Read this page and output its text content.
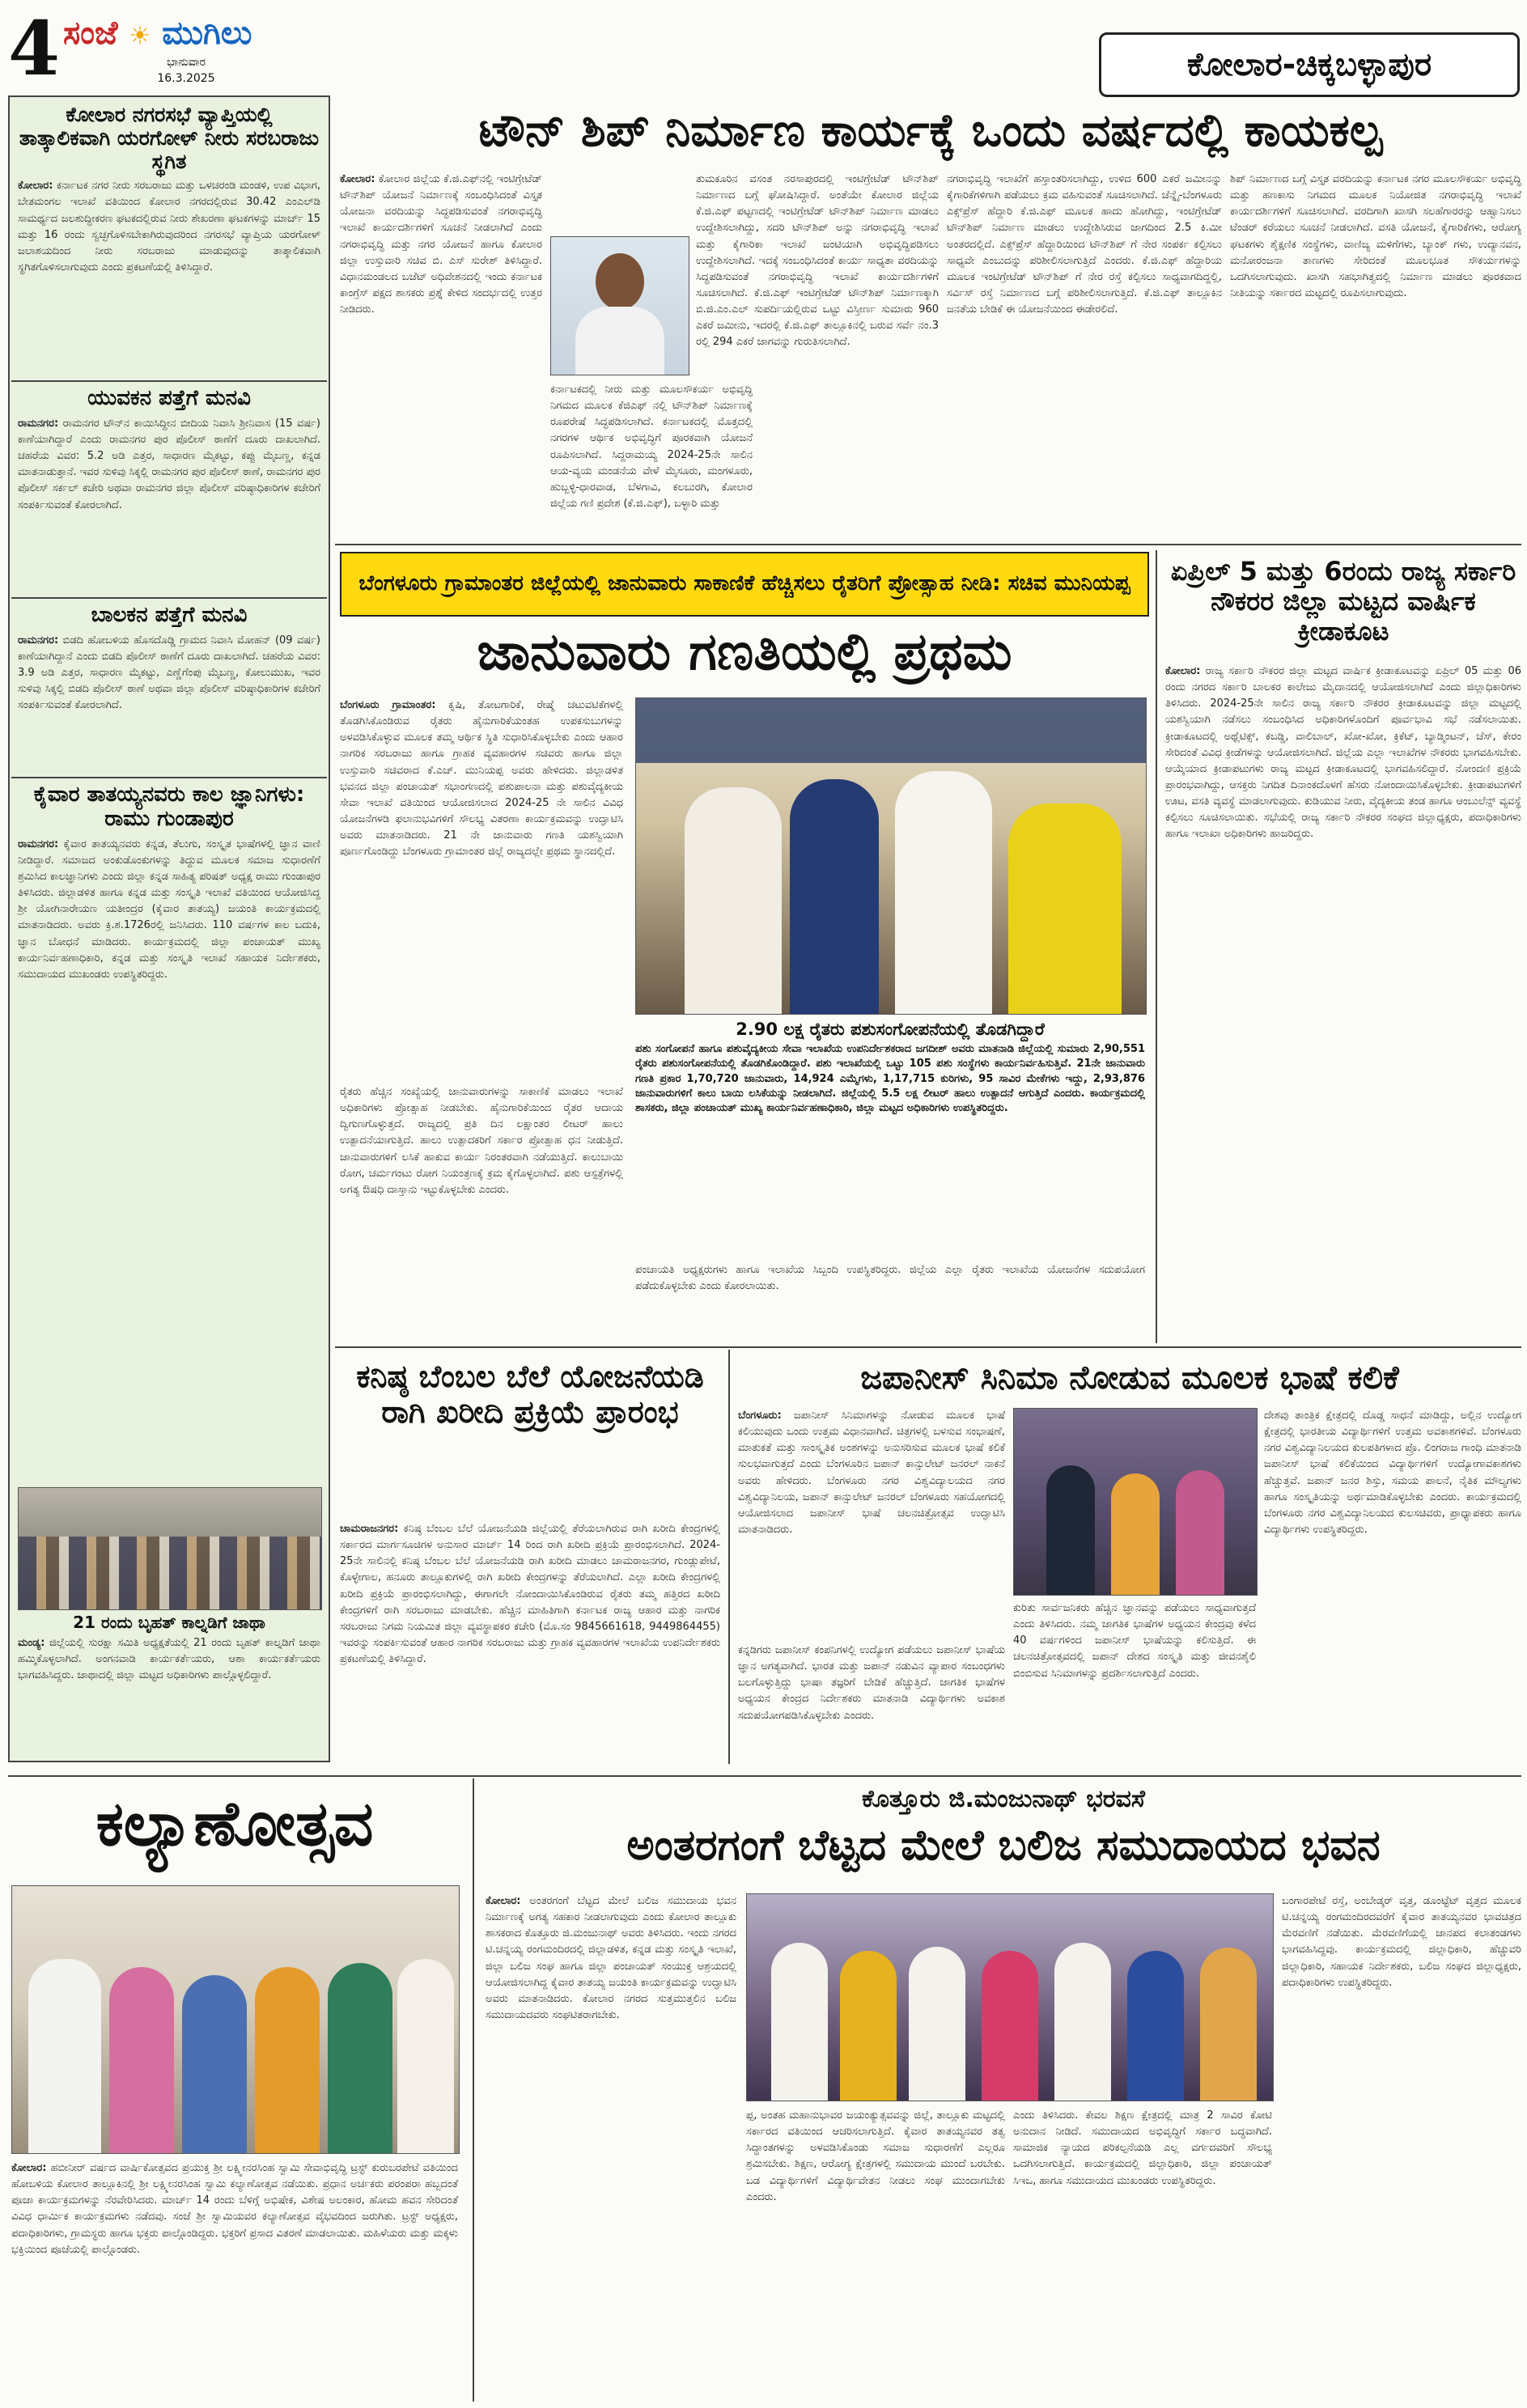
4 ಸಂಜೆ ☀ ಮುಗಿಲು
ಭಾನುವಾರ
16.3.2025	ಕೋಲಾರ-ಚಿಕ್ಕಬಳ್ಳಾಪುರ
ಕೋಲಾರ ನಗರಸಭೆ ವ್ಯಾಪ್ತಿಯಲ್ಲಿ ತಾತ್ಕಾಲಿಕವಾಗಿ ಯರಗೋಳ್ ನೀರು ಸರಬರಾಜು ಸ್ಥಗಿತ
ಕೋಲಾರ: ಕರ್ನಾಟಕ ನಗರ ನೀರು ಸರಬರಾಜು ಮತ್ತು ಒಳಚರಂಡಿ ಮಂಡಳಿ, ಉಪ ವಿಭಾಗ, ಬೇತಮಂಗಲ ಇಲಾಖೆ ವತಿಯಿಂದ ಕೋಲಾರ ನಗರದಲ್ಲಿರುವ 30.42 ಎಂಎಲ್‌ಡಿ ಸಾಮರ್ಥ್ಯದ ಜಲಶುದ್ಧೀಕರಣ ಘಟಕದಲ್ಲಿರುವ ನೀರು ಶೇಖರಣಾ ಘಟಕಗಳನ್ನು ಮಾರ್ಚ್ 15 ಮತ್ತು 16 ರಂದು ಸ್ವಚ್ಛಗೊಳಿಸಬೇಕಾಗಿರುವುದರಿಂದ ನಗರಸಭೆ ವ್ಯಾಪ್ತಿಯ ಯರಗೋಳ್ ಜಲಾಶಯದಿಂದ ನೀರು ಸರಬರಾಜು ಮಾಡುವುದನ್ನು ತಾತ್ಕಾಲಿಕವಾಗಿ ಸ್ಥಗಿತಗೊಳಿಸಲಾಗುವುದು ಎಂದು ಪ್ರಕಟಣೆಯಲ್ಲಿ ತಿಳಿಸಿದ್ದಾರೆ.
ಯುವಕನ ಪತ್ತೆಗೆ ಮನವಿ
ರಾಮನಗರ: ರಾಮನಗರ ಟೌನ್‌ನ ಕಾಯಿಸಿದ್ದೀನ ಬೀದಿಯ ನಿವಾಸಿ ಶ್ರೀನಿವಾಸ (15 ವರ್ಷ) ಕಾಣೆಯಾಗಿದ್ದಾರೆ ಎಂದು ರಾಮನಗರ ಪುರ ಪೊಲೀಸ್ ಠಾಣೆಗೆ ದೂರು ದಾಖಲಾಗಿದೆ. ಚಹರೆಯ ವಿವರ: 5.2 ಅಡಿ ಎತ್ತರ, ಸಾಧಾರಣ ಮೈಕಟ್ಟು, ಕಪ್ಪು ಮೈಬಣ್ಣ, ಕನ್ನಡ ಮಾತನಾಡುತ್ತಾನೆ. ಇವರ ಸುಳಿವು ಸಿಕ್ಕಲ್ಲಿ ರಾಮನಗರ ಪುರ ಪೊಲೀಸ್ ಠಾಣೆ, ರಾಮನಗರ ಪುರ ಪೊಲೀಸ್ ಸರ್ಕಲ್ ಕಚೇರಿ ಅಥವಾ ರಾಮನಗರ ಜಿಲ್ಲಾ ಪೊಲೀಸ್ ವರಿಷ್ಠಾಧಿಕಾರಿಗಳ ಕಚೇರಿಗೆ ಸಂಪರ್ಕಿಸುವಂತೆ ಕೋರಲಾಗಿದೆ.
ಬಾಲಕನ ಪತ್ತೆಗೆ ಮನವಿ
ರಾಮನಗರ: ಬಿಡದಿ ಹೋಬಳಿಯ ಹೊಸದೊಡ್ಡಿ ಗ್ರಾಮದ ನಿವಾಸಿ ಮೋಹನ್ (09 ವರ್ಷ) ಕಾಣೆಯಾಗಿದ್ದಾನೆ ಎಂದು ಬಿಡದಿ ಪೊಲೀಸ್ ಠಾಣೆಗೆ ದೂರು ದಾಖಲಾಗಿದೆ. ಚಹರೆಯ ವಿವರ: 3.9 ಅಡಿ ಎತ್ತರ, ಸಾಧಾರಣ ಮೈಕಟ್ಟು, ಎಣ್ಣೆಗೆಂಪು ಮೈಬಣ್ಣ, ಕೋಲುಮುಖ, ಇವರ ಸುಳಿವು ಸಿಕ್ಕಲ್ಲಿ ಬಿಡದಿ ಪೊಲೀಸ್ ಠಾಣೆ ಅಥವಾ ಜಿಲ್ಲಾ ಪೊಲೀಸ್ ವರಿಷ್ಠಾಧಿಕಾರಿಗಳ ಕಚೇರಿಗೆ ಸಂಪರ್ಕಿಸುವಂತೆ ಕೋರಲಾಗಿದೆ.
ಕೈವಾರ ತಾತಯ್ಯನವರು ಕಾಲ ಜ್ಞಾನಿಗಳು: ರಾಮು ಗುಂಡಾಪುರ
ರಾಮನಗರ: ಕೈವಾರ ತಾತಯ್ಯನವರು ಕನ್ನಡ, ತೆಲುಗು, ಸಂಸ್ಕೃತ ಭಾಷೆಗಳಲ್ಲಿ ಜ್ಞಾನ ವಾಣಿ ನೀಡಿದ್ದಾರೆ. ಸಮಾಜದ ಅಂಕುಡೊಂಕುಗಳನ್ನು ತಿದ್ದುವ ಮೂಲಕ ಸಮಾಜ ಸುಧಾರಣೆಗೆ ಶ್ರಮಿಸಿದ ಕಾಲಜ್ಞಾನಿಗಳು ಎಂದು ಜಿಲ್ಲಾ ಕನ್ನಡ ಸಾಹಿತ್ಯ ಪರಿಷತ್ ಅಧ್ಯಕ್ಷ ರಾಮು ಗುಂಡಾಪುರ ತಿಳಿಸಿದರು. ಜಿಲ್ಲಾಡಳಿತ ಹಾಗೂ ಕನ್ನಡ ಮತ್ತು ಸಂಸ್ಕೃತಿ ಇಲಾಖೆ ವತಿಯಿಂದ ಆಯೋಜಿಸಿದ್ದ ಶ್ರೀ ಯೋಗಿನಾರೇಯಣ ಯತೀಂದ್ರರ (ಕೈವಾರ ತಾತಯ್ಯ) ಜಯಂತಿ ಕಾರ್ಯಕ್ರಮದಲ್ಲಿ ಮಾತನಾಡಿದರು. ಅವರು ಕ್ರಿ.ಶ.1726ರಲ್ಲಿ ಜನಿಸಿದರು. 110 ವರ್ಷಗಳ ಕಾಲ ಬದುಕಿ, ಜ್ಞಾನ ಬೋಧನೆ ಮಾಡಿದರು. ಕಾರ್ಯಕ್ರಮದಲ್ಲಿ ಜಿಲ್ಲಾ ಪಂಚಾಯತ್ ಮುಖ್ಯ ಕಾರ್ಯನಿರ್ವಹಣಾಧಿಕಾರಿ, ಕನ್ನಡ ಮತ್ತು ಸಂಸ್ಕೃತಿ ಇಲಾಖೆ ಸಹಾಯಕ ನಿರ್ದೇಶಕರು, ಸಮುದಾಯದ ಮುಖಂಡರು ಉಪಸ್ಥಿತರಿದ್ದರು.
21 ರಂದು ಬೃಹತ್ ಕಾಲ್ನಡಿಗೆ ಜಾಥಾ
ಮಂಡ್ಯ: ಜಿಲ್ಲೆಯಲ್ಲಿ ಸುರಕ್ಷಾ ಸಮಿತಿ ಅಧ್ಯಕ್ಷತೆಯಲ್ಲಿ 21 ರಂದು ಬೃಹತ್ ಕಾಲ್ನಡಿಗೆ ಜಾಥಾ ಹಮ್ಮಿಕೊಳ್ಳಲಾಗಿದೆ. ಅಂಗನವಾಡಿ ಕಾರ್ಯಕರ್ತೆಯರು, ಆಶಾ ಕಾರ್ಯಕರ್ತೆಯರು ಭಾಗವಹಿಸಿದ್ದರು. ಜಾಥಾದಲ್ಲಿ ಜಿಲ್ಲಾ ಮಟ್ಟದ ಅಧಿಕಾರಿಗಳು ಪಾಲ್ಗೊಳ್ಳಲಿದ್ದಾರೆ.
ಟೌನ್ ಶಿಪ್ ನಿರ್ಮಾಣ ಕಾರ್ಯಕ್ಕೆ ಒಂದು ವರ್ಷದಲ್ಲಿ ಕಾಯಕಲ್ಪ
ಕೋಲಾರ: ಕೋಲಾರ ಜಿಲ್ಲೆಯ ಕೆ.ಜಿ.ಎಫ್‌ನಲ್ಲಿ ಇಂಟಿಗ್ರೇಟೆಡ್ ಟೌನ್‌ಶಿಪ್ ಯೋಜನೆ ನಿರ್ಮಾಣಕ್ಕೆ ಸಂಬಂಧಿಸಿದಂತೆ ವಿಸ್ತೃತ ಯೋಜನಾ ವರದಿಯನ್ನು ಸಿದ್ಧಪಡಿಸುವಂತೆ ನಗರಾಭಿವೃದ್ಧಿ ಇಲಾಖೆ ಕಾರ್ಯದರ್ಶಿಗಳಿಗೆ ಸೂಚನೆ ನೀಡಲಾಗಿದೆ ಎಂದು ನಗರಾಭಿವೃದ್ಧಿ ಮತ್ತು ನಗರ ಯೋಜನೆ ಹಾಗೂ ಕೋಲಾರ ಜಿಲ್ಲಾ ಉಸ್ತುವಾರಿ ಸಚಿವ ಬಿ. ಎಸ್ ಸುರೇಶ್ ತಿಳಿಸಿದ್ದಾರೆ. ವಿಧಾನಮಂಡಲದ ಬಜೆಟ್ ಅಧಿವೇಶನದಲ್ಲಿ ಇಂದು ಕರ್ನಾಟಕ ಕಾಂಗ್ರೆಸ್ ಪಕ್ಷದ ಶಾಸಕರು ಪ್ರಶ್ನೆ ಕೇಳಿದ ಸಂದರ್ಭದಲ್ಲಿ ಉತ್ತರ ನೀಡಿದರು.
ಕರ್ನಾಟಕದಲ್ಲಿ ನೀರು ಮತ್ತು ಮೂಲಸೌಕರ್ಯ ಅಭಿವೃದ್ಧಿ ನಿಗಮದ ಮೂಲಕ ಕೆಜಿಎಫ್ ನಲ್ಲಿ ಟೌನ್‌ಶಿಪ್ ನಿರ್ಮಾಣಕ್ಕೆ ರೂಪರೇಷೆ ಸಿದ್ಧಪಡಿಸಲಾಗಿದೆ. ಕರ್ನಾಟಕದಲ್ಲಿ ಮೊತ್ತದಲ್ಲಿ ನಗರಗಳ ಆರ್ಥಿಕ ಅಭಿವೃದ್ಧಿಗೆ ಪೂರಕವಾಗಿ ಯೋಜನೆ ರೂಪಿಸಲಾಗಿದೆ. ಸಿದ್ದರಾಮಯ್ಯ 2024-25ನೇ ಸಾಲಿನ ಆಯ-ವ್ಯಯ ಮಂಡನೆಯ ವೇಳೆ ಮೈಸೂರು, ಮಂಗಳೂರು, ಹುಬ್ಬಳ್ಳಿ-ಧಾರವಾಡ, ಬೆಳಗಾವಿ, ಕಲಬುರಗಿ, ಕೋಲಾರ ಜಿಲ್ಲೆಯ ಗಣಿ ಪ್ರದೇಶ (ಕೆ.ಜಿ.ಎಫ್), ಬಳ್ಳಾರಿ ಮತ್ತು
ತುಮಕೂರಿನ ವಸಂತ ನರಸಾಪುರದಲ್ಲಿ ಇಂಟಿಗ್ರೇಟೆಡ್ ಟೌನ್‌ಶಿಪ್ ನಿರ್ಮಾಣದ ಬಗ್ಗೆ ಘೋಷಿಸಿದ್ದಾರೆ. ಅಂತೆಯೇ ಕೋಲಾರ ಜಿಲ್ಲೆಯ ಕೆ.ಜಿ.ಎಫ್ ಪಟ್ಟಣದಲ್ಲಿ ಇಂಟಿಗ್ರೇಟೆಡ್ ಟೌನ್‌ಶಿಪ್ ನಿರ್ಮಾಣ ಮಾಡಲು ಉದ್ದೇಶಿಸಲಾಗಿದ್ದು, ಸದರಿ ಟೌನ್‌ಶಿಪ್ ಅನ್ನು ನಗರಾಭಿವೃದ್ಧಿ ಇಲಾಖೆ ಮತ್ತು ಕೈಗಾರಿಕಾ ಇಲಾಖೆ ಜಂಟಿಯಾಗಿ ಅಭಿವೃದ್ಧಿಪಡಿಸಲು ಉದ್ದೇಶಿಸಲಾಗಿದೆ. ಇದಕ್ಕೆ ಸಂಬಂಧಿಸಿದಂತೆ ಕಾರ್ಯ ಸಾಧ್ಯತಾ ವರದಿಯನ್ನು ಸಿದ್ಧಪಡಿಸುವಂತೆ ನಗರಾಭಿವೃದ್ಧಿ ಇಲಾಖೆ ಕಾರ್ಯದರ್ಶಿಗಳಿಗೆ ಸೂಚಿಸಲಾಗಿದೆ. ಕೆ.ಜಿ.ಎಫ್ ಇಂಟಿಗ್ರೇಟೆಡ್ ಟೌನ್‌ಶಿಪ್ ನಿರ್ಮಾಣಕ್ಕಾಗಿ ಬಿ.ಜಿ.ಎಂ.ಎಲ್ ಸುಪರ್ದಿಯಲ್ಲಿರುವ ಒಟ್ಟು ವಿಸ್ತೀರ್ಣ ಸುಮಾರು 960 ಎಕರೆ ಜಮೀನು, ಇದರಲ್ಲಿ ಕೆ.ಜಿ.ಎಫ್ ತಾಲ್ಲೂಕಿನಲ್ಲಿ ಬರುವ ಸರ್ವೆ ನಂ.3 ರಲ್ಲಿ 294 ಎಕರೆ ಜಾಗವನ್ನು ಗುರುತಿಸಲಾಗಿದೆ.
ನಗರಾಭಿವೃದ್ಧಿ ಇಲಾಖೆಗೆ ಹಸ್ತಾಂತರಿಸಲಾಗಿದ್ದು, ಉಳಿದ 600 ಎಕರೆ ಜಮೀನನ್ನು ಕೈಗಾರಿಕೆಗಳಿಗಾಗಿ ಪಡೆಯಲು ಕ್ರಮ ವಹಿಸುವಂತೆ ಸೂಚಿಸಲಾಗಿದೆ. ಚೆನ್ನೈ-ಬೆಂಗಳೂರು ಎಕ್ಸ್‌ಪ್ರೆಸ್ ಹೆದ್ದಾರಿ ಕೆ.ಜಿ.ಎಫ್ ಮೂಲಕ ಹಾದು ಹೋಗಿದ್ದು, ಇಂಟಿಗ್ರೇಟೆಡ್ ಟೌನ್‌ಶಿಪ್ ನಿರ್ಮಾಣ ಮಾಡಲು ಉದ್ದೇಶಿಸಿರುವ ಜಾಗದಿಂದ 2.5 ಕಿ.ಮೀ ಅಂತರದಲ್ಲಿದೆ. ಎಕ್ಸ್‌ಪ್ರೆಸ್ ಹೆದ್ದಾರಿಯಿಂದ ಟೌನ್‌ಶಿಪ್ ಗೆ ನೇರ ಸಂಪರ್ಕ ಕಲ್ಪಿಸಲು ಸಾಧ್ಯವೇ ಎಂಬುದನ್ನು ಪರಿಶೀಲಿಸಲಾಗುತ್ತಿದೆ ಎಂದರು. ಕೆ.ಜಿ.ಎಫ್ ಹೆದ್ದಾರಿಯ ಮೂಲಕ ಇಂಟಿಗ್ರೇಟೆಡ್ ಟೌನ್‌ಶಿಪ್ ಗೆ ನೇರ ರಸ್ತೆ ಕಲ್ಪಿಸಲು ಸಾಧ್ಯವಾಗದಿದ್ದಲ್ಲಿ, ಸರ್ವಿಸ್ ರಸ್ತೆ ನಿರ್ಮಾಣದ ಬಗ್ಗೆ ಪರಿಶೀಲಿಸಲಾಗುತ್ತಿದೆ. ಕೆ.ಜಿ.ಎಫ್ ತಾಲ್ಲೂಕಿನ ಜನತೆಯ ಬೇಡಿಕೆ ಈ ಯೋಜನೆಯಿಂದ ಈಡೇರಲಿದೆ.
ಶಿಪ್ ನಿರ್ಮಾಣದ ಬಗ್ಗೆ ವಿಸ್ತೃತ ವರದಿಯನ್ನು ಕರ್ನಾಟಕ ನಗರ ಮೂಲಸೌಕರ್ಯ ಅಭಿವೃದ್ಧಿ ಮತ್ತು ಹಣಕಾಸು ನಿಗಮದ ಮೂಲಕ ನಿಯೋಜಿತ ನಗರಾಭಿವೃದ್ಧಿ ಇಲಾಖೆ ಕಾರ್ಯದರ್ಶಿಗಳಿಗೆ ಸೂಚಿಸಲಾಗಿದೆ. ವರದಿಗಾಗಿ ಖಾಸಗಿ ಸಲಹೆಗಾರರನ್ನು ಆಹ್ವಾನಿಸಲು ಟೆಂಡರ್ ಕರೆಯಲು ಸೂಚನೆ ನೀಡಲಾಗಿದೆ. ವಸತಿ ಯೋಜನೆ, ಕೈಗಾರಿಕೆಗಳು, ಆರೋಗ್ಯ ಘಟಕಗಳು ಶೈಕ್ಷಣಿಕ ಸಂಸ್ಥೆಗಳು, ವಾಣಿಜ್ಯ ಮಳಿಗೆಗಳು, ಬ್ಯಾಂಕ್ ಗಳು, ಉದ್ಯಾನವನ, ಮನೋರಂಜನಾ ತಾಣಗಳು ಸೇರಿದಂತೆ ಮೂಲಭೂತ ಸೌಕರ್ಯಗಳನ್ನು ಒದಗಿಸಲಾಗುವುದು. ಖಾಸಗಿ ಸಹಭಾಗಿತ್ವದಲ್ಲಿ ನಿರ್ಮಾಣ ಮಾಡಲು ಪೂರಕವಾದ ನೀತಿಯನ್ನು ಸರ್ಕಾರದ ಮಟ್ಟದಲ್ಲಿ ರೂಪಿಸಲಾಗುವುದು.
ಬೆಂಗಳೂರು ಗ್ರಾಮಾಂತರ ಜಿಲ್ಲೆಯಲ್ಲಿ ಜಾನುವಾರು ಸಾಕಾಣಿಕೆ ಹೆಚ್ಚಿಸಲು ರೈತರಿಗೆ ಪ್ರೋತ್ಸಾಹ ನೀಡಿ: ಸಚಿವ ಮುನಿಯಪ್ಪ
ಜಾನುವಾರು ಗಣತಿಯಲ್ಲಿ ಪ್ರಥಮ
ಬೆಂಗಳೂರು ಗ್ರಾಮಾಂತರ: ಕೃಷಿ, ತೋಟಗಾರಿಕೆ, ರೇಷ್ಮೆ ಚಟುವಟಿಕೆಗಳಲ್ಲಿ ತೊಡಗಿಸಿಕೊಂಡಿರುವ ರೈತರು ಹೈನುಗಾರಿಕೆಯಂತಹ ಉಪಕಸುಬುಗಳನ್ನು ಅಳವಡಿಸಿಕೊಳ್ಳುವ ಮೂಲಕ ತಮ್ಮ ಆರ್ಥಿಕ ಸ್ಥಿತಿ ಸುಧಾರಿಸಿಕೊಳ್ಳಬೇಕು ಎಂದು ಆಹಾರ ನಾಗರಿಕ ಸರಬರಾಜು ಹಾಗೂ ಗ್ರಾಹಕ ವ್ಯವಹಾರಗಳ ಸಚಿವರು ಹಾಗೂ ಜಿಲ್ಲಾ ಉಸ್ತುವಾರಿ ಸಚಿವರಾದ ಕೆ.ಎಚ್. ಮುನಿಯಪ್ಪ ಅವರು ಹೇಳಿದರು. ಜಿಲ್ಲಾಡಳಿತ ಭವನದ ಜಿಲ್ಲಾ ಪಂಚಾಯತ್ ಸಭಾಂಗಣದಲ್ಲಿ ಪಶುಪಾಲನಾ ಮತ್ತು ಪಶುವೈದ್ಯಕೀಯ ಸೇವಾ ಇಲಾಖೆ ವತಿಯಿಂದ ಆಯೋಜಿಸಲಾದ 2024-25 ನೇ ಸಾಲಿನ ವಿವಿಧ ಯೋಜನೆಗಳಡಿ ಫಲಾನುಭವಿಗಳಿಗೆ ಸೌಲಭ್ಯ ವಿತರಣಾ ಕಾರ್ಯಕ್ರಮವನ್ನು ಉದ್ಘಾಟಿಸಿ ಅವರು ಮಾತನಾಡಿದರು. 21 ನೇ ಜಾನುವಾರು ಗಣತಿ ಯಶಸ್ವಿಯಾಗಿ ಪೂರ್ಣಗೊಂಡಿದ್ದು ಬೆಂಗಳೂರು ಗ್ರಾಮಾಂತರ ಜಿಲ್ಲೆ ರಾಜ್ಯದಲ್ಲೇ ಪ್ರಥಮ ಸ್ಥಾನದಲ್ಲಿದೆ.
ರೈತರು ಹೆಚ್ಚಿನ ಸಂಖ್ಯೆಯಲ್ಲಿ ಜಾನುವಾರುಗಳನ್ನು ಸಾಕಾಣಿಕೆ ಮಾಡಲು ಇಲಾಖೆ ಅಧಿಕಾರಿಗಳು ಪ್ರೋತ್ಸಾಹ ನೀಡಬೇಕು. ಹೈನುಗಾರಿಕೆಯಿಂದ ರೈತರ ಆದಾಯ ದ್ವಿಗುಣಗೊಳ್ಳುತ್ತದೆ. ರಾಜ್ಯದಲ್ಲಿ ಪ್ರತಿ ದಿನ ಲಕ್ಷಾಂತರ ಲೀಟರ್ ಹಾಲು ಉತ್ಪಾದನೆಯಾಗುತ್ತಿದೆ. ಹಾಲು ಉತ್ಪಾದಕರಿಗೆ ಸರ್ಕಾರ ಪ್ರೋತ್ಸಾಹ ಧನ ನೀಡುತ್ತಿದೆ. ಜಾನುವಾರುಗಳಿಗೆ ಲಸಿಕೆ ಹಾಕುವ ಕಾರ್ಯ ನಿರಂತರವಾಗಿ ನಡೆಯುತ್ತಿದೆ. ಕಾಲುಬಾಯಿ ರೋಗ, ಚರ್ಮಗಂಟು ರೋಗ ನಿಯಂತ್ರಣಕ್ಕೆ ಕ್ರಮ ಕೈಗೊಳ್ಳಲಾಗಿದೆ. ಪಶು ಆಸ್ಪತ್ರೆಗಳಲ್ಲಿ ಅಗತ್ಯ ಔಷಧಿ ದಾಸ್ತಾನು ಇಟ್ಟುಕೊಳ್ಳಬೇಕು ಎಂದರು.
2.90 ಲಕ್ಷ ರೈತರು ಪಶುಸಂಗೋಪನೆಯಲ್ಲಿ ತೊಡಗಿದ್ದಾರೆ
ಪಶು ಸಂಗೋಪನೆ ಹಾಗೂ ಪಶುವೈದ್ಯಕೀಯ ಸೇವಾ ಇಲಾಖೆಯ ಉಪನಿರ್ದೇಶಕರಾದ ಜಗದೀಶ್ ಅವರು ಮಾತನಾಡಿ ಜಿಲ್ಲೆಯಲ್ಲಿ ಸುಮಾರು 2,90,551 ರೈತರು ಪಶುಸಂಗೋಪನೆಯಲ್ಲಿ ತೊಡಗಿಕೊಂಡಿದ್ದಾರೆ. ಪಶು ಇಲಾಖೆಯಲ್ಲಿ ಒಟ್ಟು 105 ಪಶು ಸಂಸ್ಥೆಗಳು ಕಾರ್ಯನಿರ್ವಹಿಸುತ್ತಿವೆ. 21ನೇ ಜಾನುವಾರು ಗಣತಿ ಪ್ರಕಾರ 1,70,720 ಜಾನುವಾರು, 14,924 ಎಮ್ಮೆಗಳು, 1,17,715 ಕುರಿಗಳು, 95 ಸಾವಿರ ಮೇಕೆಗಳು ಇದ್ದು, 2,93,876 ಜಾನುವಾರುಗಳಿಗೆ ಕಾಲು ಬಾಯಿ ಲಸಿಕೆಯನ್ನು ನೀಡಲಾಗಿದೆ. ಜಿಲ್ಲೆಯಲ್ಲಿ 5.5 ಲಕ್ಷ ಲೀಟರ್ ಹಾಲು ಉತ್ಪಾದನೆ ಆಗುತ್ತಿದೆ ಎಂದರು. ಕಾರ್ಯಕ್ರಮದಲ್ಲಿ ಶಾಸಕರು, ಜಿಲ್ಲಾ ಪಂಚಾಯತ್ ಮುಖ್ಯ ಕಾರ್ಯನಿರ್ವಹಣಾಧಿಕಾರಿ, ಜಿಲ್ಲಾ ಮಟ್ಟದ ಅಧಿಕಾರಿಗಳು ಉಪಸ್ಥಿತರಿದ್ದರು.
ಪಂಚಾಯತಿ ಅಧ್ಯಕ್ಷರುಗಳು ಹಾಗೂ ಇಲಾಖೆಯ ಸಿಬ್ಬಂದಿ ಉಪಸ್ಥಿತರಿದ್ದರು. ಜಿಲ್ಲೆಯ ಎಲ್ಲಾ ರೈತರು ಇಲಾಖೆಯ ಯೋಜನೆಗಳ ಸದುಪಯೋಗ ಪಡೆದುಕೊಳ್ಳಬೇಕು ಎಂದು ಕೋರಲಾಯಿತು.
ಏಪ್ರಿಲ್ 5 ಮತ್ತು 6ರಂದು ರಾಜ್ಯ ಸರ್ಕಾರಿ ನೌಕರರ ಜಿಲ್ಲಾ ಮಟ್ಟದ ವಾರ್ಷಿಕ ಕ್ರೀಡಾಕೂಟ
ಕೋಲಾರ: ರಾಜ್ಯ ಸರ್ಕಾರಿ ನೌಕರರ ಜಿಲ್ಲಾ ಮಟ್ಟದ ವಾರ್ಷಿಕ ಕ್ರೀಡಾಕೂಟವನ್ನು ಏಪ್ರಿಲ್ 05 ಮತ್ತು 06 ರಂದು ನಗರದ ಸರ್ಕಾರಿ ಬಾಲಕರ ಕಾಲೇಜು ಮೈದಾನದಲ್ಲಿ ಆಯೋಜಿಸಲಾಗಿದೆ ಎಂದು ಜಿಲ್ಲಾಧಿಕಾರಿಗಳು ತಿಳಿಸಿದರು. 2024-25ನೇ ಸಾಲಿನ ರಾಜ್ಯ ಸರ್ಕಾರಿ ನೌಕರರ ಕ್ರೀಡಾಕೂಟವನ್ನು ಜಿಲ್ಲಾ ಮಟ್ಟದಲ್ಲಿ ಯಶಸ್ವಿಯಾಗಿ ನಡೆಸಲು ಸಂಬಂಧಿಸಿದ ಅಧಿಕಾರಿಗಳೊಂದಿಗೆ ಪೂರ್ವಭಾವಿ ಸಭೆ ನಡೆಸಲಾಯಿತು. ಕ್ರೀಡಾಕೂಟದಲ್ಲಿ ಅಥ್ಲೆಟಿಕ್ಸ್, ಕಬಡ್ಡಿ, ವಾಲಿಬಾಲ್, ಖೋ-ಖೋ, ಕ್ರಿಕೆಟ್, ಬ್ಯಾಡ್ಮಿಂಟನ್, ಚೆಸ್, ಕೇರಂ ಸೇರಿದಂತೆ ವಿವಿಧ ಕ್ರೀಡೆಗಳನ್ನು ಆಯೋಜಿಸಲಾಗಿದೆ. ಜಿಲ್ಲೆಯ ಎಲ್ಲಾ ಇಲಾಖೆಗಳ ನೌಕರರು ಭಾಗವಹಿಸಬೇಕು. ಆಯ್ಕೆಯಾದ ಕ್ರೀಡಾಪಟುಗಳು ರಾಜ್ಯ ಮಟ್ಟದ ಕ್ರೀಡಾಕೂಟದಲ್ಲಿ ಭಾಗವಹಿಸಲಿದ್ದಾರೆ. ನೋಂದಣಿ ಪ್ರಕ್ರಿಯೆ ಪ್ರಾರಂಭವಾಗಿದ್ದು, ಆಸಕ್ತರು ನಿಗದಿತ ದಿನಾಂಕದೊಳಗೆ ಹೆಸರು ನೋಂದಾಯಿಸಿಕೊಳ್ಳಬೇಕು. ಕ್ರೀಡಾಪಟುಗಳಿಗೆ ಊಟ, ವಸತಿ ವ್ಯವಸ್ಥೆ ಮಾಡಲಾಗುವುದು. ಕುಡಿಯುವ ನೀರು, ವೈದ್ಯಕೀಯ ತಂಡ ಹಾಗೂ ಆಂಬುಲೆನ್ಸ್ ವ್ಯವಸ್ಥೆ ಕಲ್ಪಿಸಲು ಸೂಚಿಸಲಾಯಿತು. ಸಭೆಯಲ್ಲಿ ರಾಜ್ಯ ಸರ್ಕಾರಿ ನೌಕರರ ಸಂಘದ ಜಿಲ್ಲಾಧ್ಯಕ್ಷರು, ಪದಾಧಿಕಾರಿಗಳು ಹಾಗೂ ಇಲಾಖಾ ಅಧಿಕಾರಿಗಳು ಹಾಜರಿದ್ದರು.
ಕನಿಷ್ಠ ಬೆಂಬಲ ಬೆಲೆ ಯೋಜನೆಯಡಿ ರಾಗಿ ಖರೀದಿ ಪ್ರಕ್ರಿಯೆ ಪ್ರಾರಂಭ
ಚಾಮರಾಜನಗರ: ಕನಿಷ್ಠ ಬೆಂಬಲ ಬೆಲೆ ಯೋಜನೆಯಡಿ ಜಿಲ್ಲೆಯಲ್ಲಿ ತೆರೆಯಲಾಗಿರುವ ರಾಗಿ ಖರೀದಿ ಕೇಂದ್ರಗಳಲ್ಲಿ ಸರ್ಕಾರದ ಮಾರ್ಗಸೂಚಿಗಳ ಅನುಸಾರ ಮಾರ್ಚ್ 14 ರಿಂದ ರಾಗಿ ಖರೀದಿ ಪ್ರಕ್ರಿಯೆ ಪ್ರಾರಂಭಿಸಲಾಗಿದೆ. 2024-25ನೇ ಸಾಲಿನಲ್ಲಿ ಕನಿಷ್ಠ ಬೆಂಬಲ ಬೆಲೆ ಯೋಜನೆಯಡಿ ರಾಗಿ ಖರೀದಿ ಮಾಡಲು ಚಾಮರಾಜನಗರ, ಗುಂಡ್ಲುಪೇಟೆ, ಕೊಳ್ಳೇಗಾಲ, ಹನೂರು ತಾಲ್ಲೂಕುಗಳಲ್ಲಿ ರಾಗಿ ಖರೀದಿ ಕೇಂದ್ರಗಳನ್ನು ತೆರೆಯಲಾಗಿದೆ. ಎಲ್ಲಾ ಖರೀದಿ ಕೇಂದ್ರಗಳಲ್ಲಿ ಖರೀದಿ ಪ್ರಕ್ರಿಯೆ ಪ್ರಾರಂಭಿಸಲಾಗಿದ್ದು, ಈಗಾಗಲೇ ನೋಂದಾಯಿಸಿಕೊಂಡಿರುವ ರೈತರು ತಮ್ಮ ಹತ್ತಿರದ ಖರೀದಿ ಕೇಂದ್ರಗಳಿಗೆ ರಾಗಿ ಸರಬರಾಜು ಮಾಡಬೇಕು. ಹೆಚ್ಚಿನ ಮಾಹಿತಿಗಾಗಿ ಕರ್ನಾಟಕ ರಾಜ್ಯ ಆಹಾರ ಮತ್ತು ನಾಗರಿಕ ಸರಬರಾಜು ನಿಗಮ ನಿಯಮಿತ ಜಿಲ್ಲಾ ವ್ಯವಸ್ಥಾಪಕರ ಕಚೇರಿ (ಮೊ.ಸಂ 9845661618, 9449864455) ಇವರನ್ನು ಸಂಪರ್ಕಿಸುವಂತೆ ಆಹಾರ ನಾಗರಿಕ ಸರಬರಾಜು ಮತ್ತು ಗ್ರಾಹಕ ವ್ಯವಹಾರಗಳ ಇಲಾಖೆಯ ಉಪನಿರ್ದೇಶಕರು ಪ್ರಕಟಣೆಯಲ್ಲಿ ತಿಳಿಸಿದ್ದಾರೆ.
ಜಪಾನೀಸ್ ಸಿನಿಮಾ ನೋಡುವ ಮೂಲಕ ಭಾಷೆ ಕಲಿಕೆ
ಬೆಂಗಳೂರು: ಜಪಾನೀಸ್ ಸಿನಿಮಾಗಳನ್ನು ನೋಡುವ ಮೂಲಕ ಭಾಷೆ ಕಲಿಯುವುದು ಒಂದು ಉತ್ತಮ ವಿಧಾನವಾಗಿದೆ. ಚಿತ್ರಗಳಲ್ಲಿ ಬಳಸುವ ಸಂಭಾಷಣೆ, ಮಾತುಕತೆ ಮತ್ತು ಸಾಂಸ್ಕೃತಿಕ ಅಂಶಗಳನ್ನು ಅನುಸರಿಸುವ ಮೂಲಕ ಭಾಷೆ ಕಲಿಕೆ ಸುಲಭವಾಗುತ್ತದೆ ಎಂದು ಬೆಂಗಳೂರಿನ ಜಪಾನ್ ಕಾನ್ಸುಲೇಟ್ ಜನರಲ್ ನಾಕನೆ ಅವರು ಹೇಳಿದರು. ಬೆಂಗಳೂರು ನಗರ ವಿಶ್ವವಿದ್ಯಾಲಯದ ನಗರ ವಿಶ್ವವಿದ್ಯಾನಿಲಯ, ಜಪಾನ್ ಕಾನ್ಸುಲೇಟ್ ಜನರಲ್ ಬೆಂಗಳೂರು ಸಹಯೋಗದಲ್ಲಿ ಆಯೋಜಿಸಲಾದ ಜಪಾನೀಸ್ ಭಾಷೆ ಚಲನಚಿತ್ರೋತ್ಸವ ಉದ್ಘಾಟಿಸಿ ಮಾತನಾಡಿದರು.
ಕುರಿತು ಸಾರ್ವಜನಿಕರು ಹೆಚ್ಚಿನ ಜ್ಞಾನವನ್ನು ಪಡೆಯಲು ಸಾಧ್ಯವಾಗುತ್ತದೆ ಎಂದು ತಿಳಿಸಿದರು. ನಮ್ಮ ಜಾಗತಿಕ ಭಾಷೆಗಳ ಅಧ್ಯಯನ ಕೇಂದ್ರವು ಕಳೆದ 40 ವರ್ಷಗಳಿಂದ ಜಪಾನೀಸ್ ಭಾಷೆಯನ್ನು ಕಲಿಸುತ್ತಿದೆ. ಈ ಚಲನಚಿತ್ರೋತ್ಸವದಲ್ಲಿ ಜಪಾನ್ ದೇಶದ ಸಂಸ್ಕೃತಿ ಮತ್ತು ಜೀವನಶೈಲಿ ಬಿಂಬಿಸುವ ಸಿನಿಮಾಗಳನ್ನು ಪ್ರದರ್ಶಿಸಲಾಗುತ್ತಿದೆ ಎಂದರು.
ದೇಶವು ತಾಂತ್ರಿಕ ಕ್ಷೇತ್ರದಲ್ಲಿ ದೊಡ್ಡ ಸಾಧನೆ ಮಾಡಿದ್ದು, ಅಲ್ಲಿನ ಉದ್ಯೋಗ ಕ್ಷೇತ್ರದಲ್ಲಿ ಭಾರತೀಯ ವಿದ್ಯಾರ್ಥಿಗಳಿಗೆ ಉತ್ತಮ ಅವಕಾಶಗಳಿವೆ. ಬೆಂಗಳೂರು ನಗರ ವಿಶ್ವವಿದ್ಯಾನಿಲಯದ ಕುಲಪತಿಗಳಾದ ಪ್ರೊ. ಲಿಂಗರಾಜ ಗಾಂಧಿ ಮಾತನಾಡಿ ಜಪಾನೀಸ್ ಭಾಷೆ ಕಲಿಕೆಯಿಂದ ವಿದ್ಯಾರ್ಥಿಗಳಿಗೆ ಉದ್ಯೋಗಾವಕಾಶಗಳು ಹೆಚ್ಚುತ್ತವೆ. ಜಪಾನ್ ಜನರ ಶಿಸ್ತು, ಸಮಯ ಪಾಲನೆ, ನೈತಿಕ ಮೌಲ್ಯಗಳು ಹಾಗೂ ಸಂಸ್ಕೃತಿಯನ್ನು ಅರ್ಥಮಾಡಿಕೊಳ್ಳಬೇಕು ಎಂದರು. ಕಾರ್ಯಕ್ರಮದಲ್ಲಿ ಬೆಂಗಳೂರು ನಗರ ವಿಶ್ವವಿದ್ಯಾನಿಲಯದ ಕುಲಸಚಿವರು, ಪ್ರಾಧ್ಯಾಪಕರು ಹಾಗೂ ವಿದ್ಯಾರ್ಥಿಗಳು ಉಪಸ್ಥಿತರಿದ್ದರು.
ಕನ್ನಡಿಗರು ಜಪಾನೀಸ್ ಕಂಪನಿಗಳಲ್ಲಿ ಉದ್ಯೋಗ ಪಡೆಯಲು ಜಪಾನೀಸ್ ಭಾಷೆಯ ಜ್ಞಾನ ಅಗತ್ಯವಾಗಿದೆ. ಭಾರತ ಮತ್ತು ಜಪಾನ್ ನಡುವಿನ ವ್ಯಾಪಾರ ಸಂಬಂಧಗಳು ಬಲಗೊಳ್ಳುತ್ತಿದ್ದು ಭಾಷಾ ತಜ್ಞರಿಗೆ ಬೇಡಿಕೆ ಹೆಚ್ಚುತ್ತಿದೆ. ಜಾಗತಿಕ ಭಾಷೆಗಳ ಅಧ್ಯಯನ ಕೇಂದ್ರದ ನಿರ್ದೇಶಕರು ಮಾತನಾಡಿ ವಿದ್ಯಾರ್ಥಿಗಳು ಅವಕಾಶ ಸದುಪಯೋಗಪಡಿಸಿಕೊಳ್ಳಬೇಕು ಎಂದರು.
ಕಲ್ಯಾಣೋತ್ಸವ
ಕೋಲಾರ: ಹಬೀನೀರ್ ವರ್ಷದ ವಾರ್ಷಿಕೋತ್ಸವದ ಪ್ರಯುಕ್ತ ಶ್ರೀ ಲಕ್ಷ್ಮೀನರಸಿಂಹ ಸ್ವಾಮಿ ಸೇವಾಭಿವೃದ್ಧಿ ಟ್ರಸ್ಟ್ ಕುರುಬರಪೇಟೆ ವತಿಯಿಂದ ಹೋಬಳಿಯ ಕೋಲಾರ ತಾಲ್ಲೂಕಿನಲ್ಲಿ ಶ್ರೀ ಲಕ್ಷ್ಮೀನರಸಿಂಹ ಸ್ವಾಮಿ ಕಲ್ಯಾಣೋತ್ಸವ ನಡೆಯಿತು. ಪ್ರಧಾನ ಅರ್ಚಕರು ಪರಂಪರಾ ಹಬ್ಬದಂತೆ ಪೂಜಾ ಕಾರ್ಯಕ್ರಮಗಳನ್ನು ನೆರವೇರಿಸಿದರು. ಮಾರ್ಚ್ 14 ರಂದು ಬೆಳಿಗ್ಗೆ ಅಭಿಷೇಕ, ವಿಶೇಷ ಅಲಂಕಾರ, ಹೋಮ ಹವನ ಸೇರಿದಂತೆ ವಿವಿಧ ಧಾರ್ಮಿಕ ಕಾರ್ಯಕ್ರಮಗಳು ನಡೆದವು. ಸಂಜೆ ಶ್ರೀ ಸ್ವಾಮಿಯವರ ಕಲ್ಯಾಣೋತ್ಸವ ವೈಭವದಿಂದ ಜರುಗಿತು. ಟ್ರಸ್ಟ್ ಅಧ್ಯಕ್ಷರು, ಪದಾಧಿಕಾರಿಗಳು, ಗ್ರಾಮಸ್ಥರು ಹಾಗೂ ಭಕ್ತರು ಪಾಲ್ಗೊಂಡಿದ್ದರು. ಭಕ್ತರಿಗೆ ಪ್ರಸಾದ ವಿತರಣೆ ಮಾಡಲಾಯಿತು. ಮಹಿಳೆಯರು ಮತ್ತು ಮಕ್ಕಳು ಭಕ್ತಿಯಿಂದ ಪೂಜೆಯಲ್ಲಿ ಪಾಲ್ಗೊಂಡರು.
ಕೊತ್ತೂರು ಜಿ.ಮಂಜುನಾಥ್ ಭರವಸೆ
ಅಂತರಗಂಗೆ ಬೆಟ್ಟದ ಮೇಲೆ ಬಲಿಜ ಸಮುದಾಯದ ಭವನ
ಕೋಲಾರ: ಅಂತರಗಂಗೆ ಬೆಟ್ಟದ ಮೇಲೆ ಬಲಿಜ ಸಮುದಾಯ ಭವನ ನಿರ್ಮಾಣಕ್ಕೆ ಅಗತ್ಯ ಸಹಕಾರ ನೀಡಲಾಗುವುದು ಎಂದು ಕೋಲಾರ ತಾಲ್ಲೂಕು ಶಾಸಕರಾದ ಕೊತ್ತೂರು ಜಿ.ಮಂಜುನಾಥ್ ಅವರು ತಿಳಿಸಿದರು. ಇಂದು ನಗರದ ಟಿ.ಚನ್ನಯ್ಯ ರಂಗಮಂದಿರದಲ್ಲಿ ಜಿಲ್ಲಾಡಳಿತ, ಕನ್ನಡ ಮತ್ತು ಸಂಸ್ಕೃತಿ ಇಲಾಖೆ, ಜಿಲ್ಲಾ ಬಲಿಜ ಸಂಘ ಹಾಗೂ ಜಿಲ್ಲಾ ಪಂಚಾಯತ್ ಸಂಯುಕ್ತ ಆಶ್ರಯದಲ್ಲಿ ಆಯೋಜಿಸಲಾಗಿದ್ದ ಕೈವಾರ ತಾತಯ್ಯ ಜಯಂತಿ ಕಾರ್ಯಕ್ರಮವನ್ನು ಉದ್ಘಾಟಿಸಿ ಅವರು ಮಾತನಾಡಿದರು. ಕೋಲಾರ ನಗರದ ಸುತ್ತಮುತ್ತಲಿನ ಬಲಿಜ ಸಮುದಾಯದವರು ಸಂಘಟಿತರಾಗಬೇಕು.
ಪ್ಪ, ಅಂತಹ ಮಹಾನುಭಾವರ ಜಯಂತ್ಯುತ್ಸವವನ್ನು ಜಿಲ್ಲೆ, ತಾಲ್ಲೂಕು ಮಟ್ಟದಲ್ಲಿ ಸರ್ಕಾರದ ವತಿಯಿಂದ ಆಚರಿಸಲಾಗುತ್ತಿದೆ. ಕೈವಾರ ತಾತಯ್ಯನವರ ತತ್ವ ಸಿದ್ಧಾಂತಗಳನ್ನು ಅಳವಡಿಸಿಕೊಂಡು ಸಮಾಜ ಸುಧಾರಣೆಗೆ ಎಲ್ಲರೂ ಶ್ರಮಿಸಬೇಕು. ಶಿಕ್ಷಣ, ಆರೋಗ್ಯ ಕ್ಷೇತ್ರಗಳಲ್ಲಿ ಸಮುದಾಯ ಮುಂದೆ ಬರಬೇಕು. ಬಡ ವಿದ್ಯಾರ್ಥಿಗಳಿಗೆ ವಿದ್ಯಾರ್ಥಿವೇತನ ನೀಡಲು ಸಂಘ ಮುಂದಾಗಬೇಕು ಎಂದರು.
ಎಂದು ತಿಳಿಸಿದರು. ಕೇವಲ ಶಿಕ್ಷಣ ಕ್ಷೇತ್ರದಲ್ಲಿ ಮಾತ್ರ 2 ಸಾವಿರ ಕೋಟಿ ಅನುದಾನ ನೀಡಿದೆ. ಸಮುದಾಯದ ಅಭಿವೃದ್ಧಿಗೆ ಸರ್ಕಾರ ಬದ್ಧವಾಗಿದೆ. ಸಾಮಾಜಿಕ ನ್ಯಾಯದ ಪರಿಕಲ್ಪನೆಯಡಿ ಎಲ್ಲ ವರ್ಗದವರಿಗೆ ಸೌಲಭ್ಯ ಒದಗಿಸಲಾಗುತ್ತಿದೆ. ಕಾರ್ಯಕ್ರಮದಲ್ಲಿ ಜಿಲ್ಲಾಧಿಕಾರಿ, ಜಿಲ್ಲಾ ಪಂಚಾಯತ್ ಸಿಇಒ, ಹಾಗೂ ಸಮುದಾಯದ ಮುಖಂಡರು ಉಪಸ್ಥಿತರಿದ್ದರು.
ಬಂಗಾರಪೇಟೆ ರಸ್ತೆ, ಅಂಬೇಡ್ಕರ್ ವೃತ್ತ, ಡೂಂಟ್ಟೆಟ್ ವೃತ್ತದ ಮೂಲಕ ಟಿ.ಚನ್ನಯ್ಯ ರಂಗಮಂದಿರದವರೆಗೆ ಕೈವಾರ ತಾತಯ್ಯನವರ ಭಾವಚಿತ್ರದ ಮೆರವಣಿಗೆ ನಡೆಯಿತು. ಮೆರವಣಿಗೆಯಲ್ಲಿ ಜಾನಪದ ಕಲಾತಂಡಗಳು ಭಾಗವಹಿಸಿದ್ದವು. ಕಾರ್ಯಕ್ರಮದಲ್ಲಿ ಜಿಲ್ಲಾಧಿಕಾರಿ, ಹೆಚ್ಚುವರಿ ಜಿಲ್ಲಾಧಿಕಾರಿ, ಸಹಾಯಕ ನಿರ್ದೇಶಕರು, ಬಲಿಜ ಸಂಘದ ಜಿಲ್ಲಾಧ್ಯಕ್ಷರು, ಪದಾಧಿಕಾರಿಗಳು ಉಪಸ್ಥಿತರಿದ್ದರು.
